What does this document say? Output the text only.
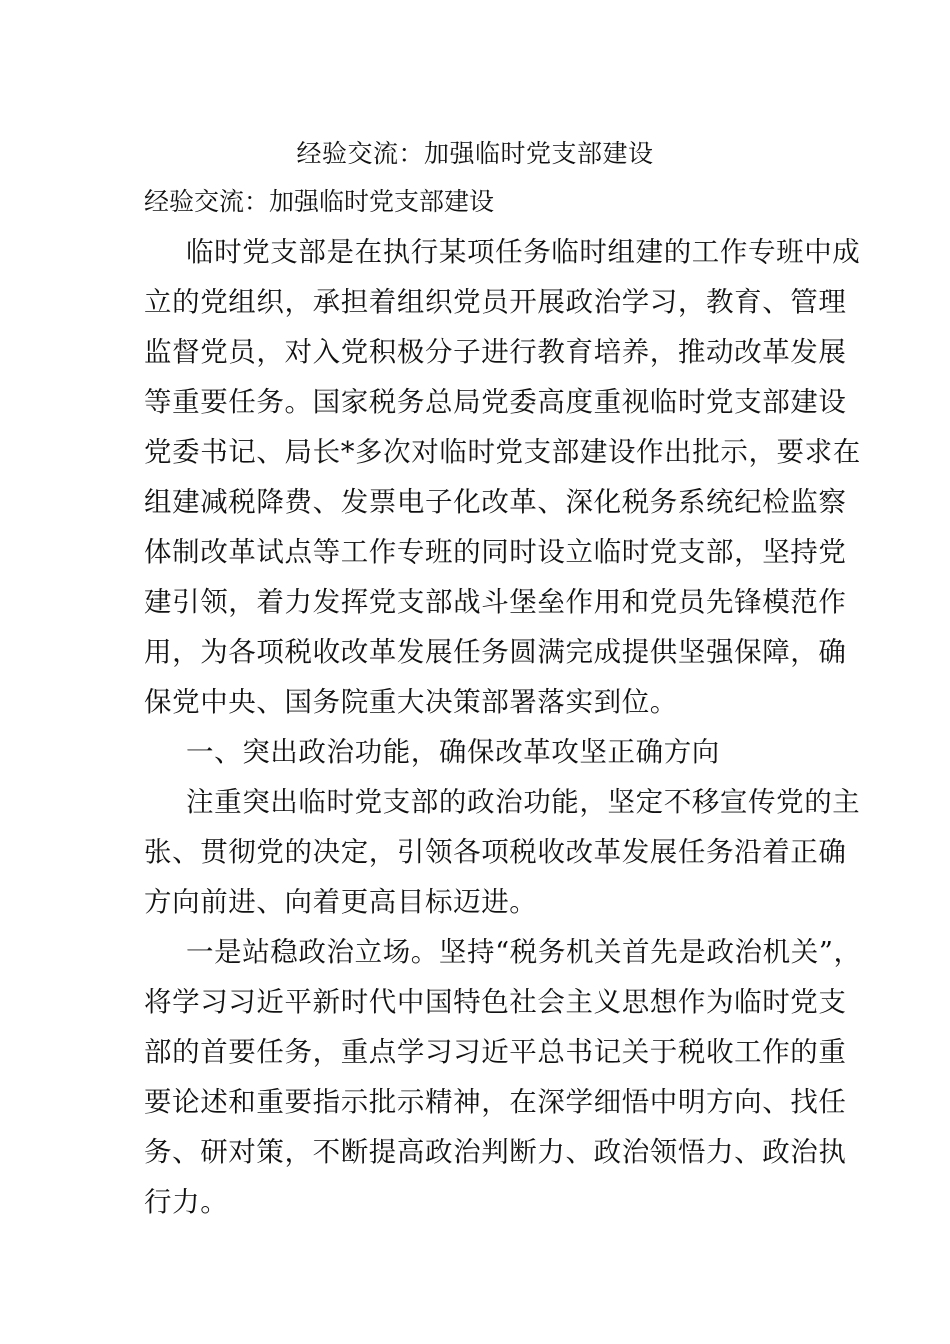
经验交流：加强临时党支部建设
经验交流：加强临时党支部建设
临时党支部是在执行某项任务临时组建的工作专班中成
立的党组织，承担着组织党员开展政治学习，教育、管理
监督党员，对入党积极分子进行教育培养，推动改革发展
等重要任务。国家税务总局党委高度重视临时党支部建设
党委书记、局长*多次对临时党支部建设作出批示，要求在
组建减税降费、发票电子化改革、深化税务系统纪检监察
体制改革试点等工作专班的同时设立临时党支部，坚持党
建引领，着力发挥党支部战斗堡垒作用和党员先锋模范作
用，为各项税收改革发展任务圆满完成提供坚强保障，确
保党中央、国务院重大决策部署落实到位。
一、突出政治功能，确保改革攻坚正确方向
注重突出临时党支部的政治功能，坚定不移宣传党的主
张、贯彻党的决定，引领各项税收改革发展任务沿着正确
方向前进、向着更高目标迈进。
一是站稳政治立场。坚持“税务机关首先是政治机关”，
将学习习近平新时代中国特色社会主义思想作为临时党支
部的首要任务，重点学习习近平总书记关于税收工作的重
要论述和重要指示批示精神，在深学细悟中明方向、找任
务、研对策，不断提高政治判断力、政治领悟力、政治执
行力。
